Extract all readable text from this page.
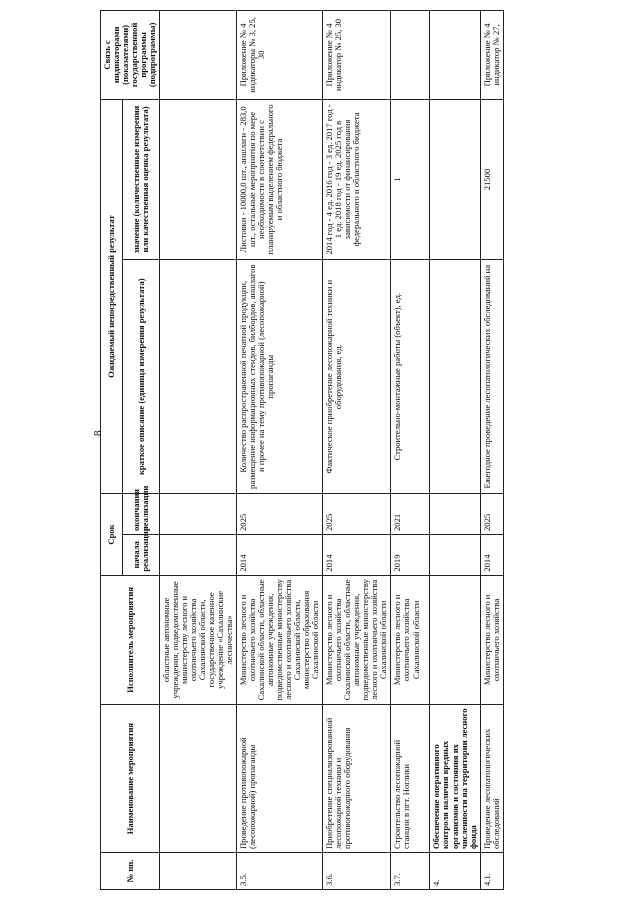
8
№ пп.	Наименование мероприятия	Исполнитель мероприятия	Срок		Ожидаемый непосредственный результат		Связь с индикаторами (показателями) государственной программы (подпрограммы)
			начала реализации	окончания реализации	краткое описание (единица измерения результата)	значение (количественные измерения или качественная оценка результата)	
		областные автономные учреждения, подведомственные министерству лесного и охотничьего хозяйства Сахалинской области, государственное казенное учреждение «Сахалинские лесничества»					
3.5.	Проведение противопожарной (лесопожарной) пропаганды	Министерство лесного и охотничьего хозяйства Сахалинской области, областные автономные учреждения, подведомственные министерству лесного и охотничьего хозяйства Сахалинской области, министерство образования Сахалинской области	2014	2025	Количество распространенной печатной продукции, размещение информационных стендов, билбордов, аншлагов и прочее на тему противопожарной (лесопожарной) пропаганды	Листовки - 10000,0 шт., аншлаги - 283,0 шт., остальные мероприятия по мере необходимости в соответствии с планируемым выделением федерального и областного бюджета	Приложение № 4 индикаторы № 3, 25, 30
3.6.	Приобретение специализированной лесопожарной техники и противопожарного оборудования	Министерство лесного и охотничьего хозяйства Сахалинской области, областные автономные учреждения, подведомственные министерству лесного и охотничьего хозяйства Сахалинской области	2014	2025	Фактическое приобретение лесопожарной техники и оборудования, ед.	2014 год - 4 ед. 2016 год - 3 ед. 2017 год - 1 ед. 2018 год - 19 ед. 2025 год в зависимости от финансирования федерального и областного бюджета	Приложение № 4 индикатор № 25, 30
3.7.	Строительство лесопожарной станции в пгт. Ноглики	Министерство лесного и охотничьего хозяйства Сахалинской области	2019	2021	Строительно-монтажные работы (объект), ед.	1	
4.	Обеспечение оперативного контроля наличия вредных организмов и состояния их численности на территории лесного фонда						
4.1.	Проведение лесопатологических обследований	Министерство лесного и охотничьего хозяйства	2014	2025	Ежегодное проведение лесопатологических обследований на	21500	Приложение № 4 индикатор № 27,
